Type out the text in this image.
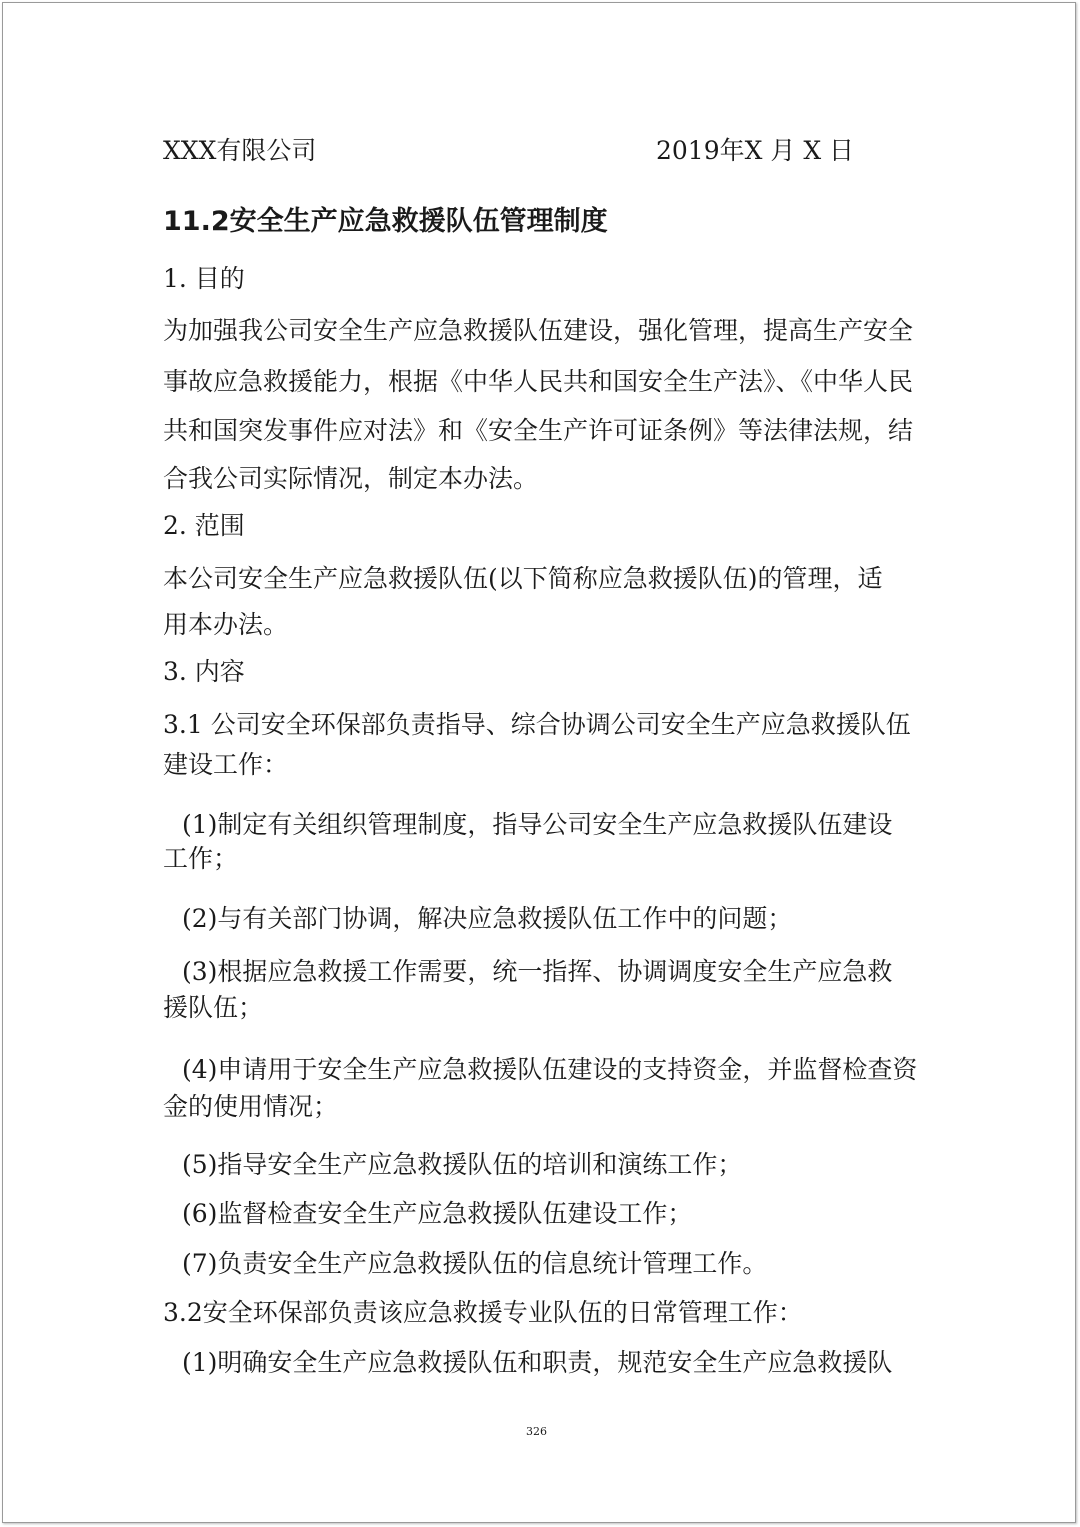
XXX有限公司	2019年X 月 X 日
11.2安全生产应急救援队伍管理制度
1. 目的
为加强我公司安全生产应急救援队伍建设，强化管理，提高生产安全
事故应急救援能力，根据《中华人民共和国安全生产法》、《中华人民
共和国突发事件应对法》和《安全生产许可证条例》等法律法规，结
合我公司实际情况，制定本办法。
2. 范围
本公司安全生产应急救援队伍(以下简称应急救援队伍)的管理，适
用本办法。
3. 内容
3.1 公司安全环保部负责指导、综合协调公司安全生产应急救援队伍
建设工作：
(1)制定有关组织管理制度，指导公司安全生产应急救援队伍建设
工作；
(2)与有关部门协调，解决应急救援队伍工作中的问题；
(3)根据应急救援工作需要，统一指挥、协调调度安全生产应急救
援队伍；
(4)申请用于安全生产应急救援队伍建设的支持资金，并监督检查资
金的使用情况；
(5)指导安全生产应急救援队伍的培训和演练工作；
(6)监督检查安全生产应急救援队伍建设工作；
(7)负责安全生产应急救援队伍的信息统计管理工作。
3.2安全环保部负责该应急救援专业队伍的日常管理工作：
(1)明确安全生产应急救援队伍和职责，规范安全生产应急救援队
326
